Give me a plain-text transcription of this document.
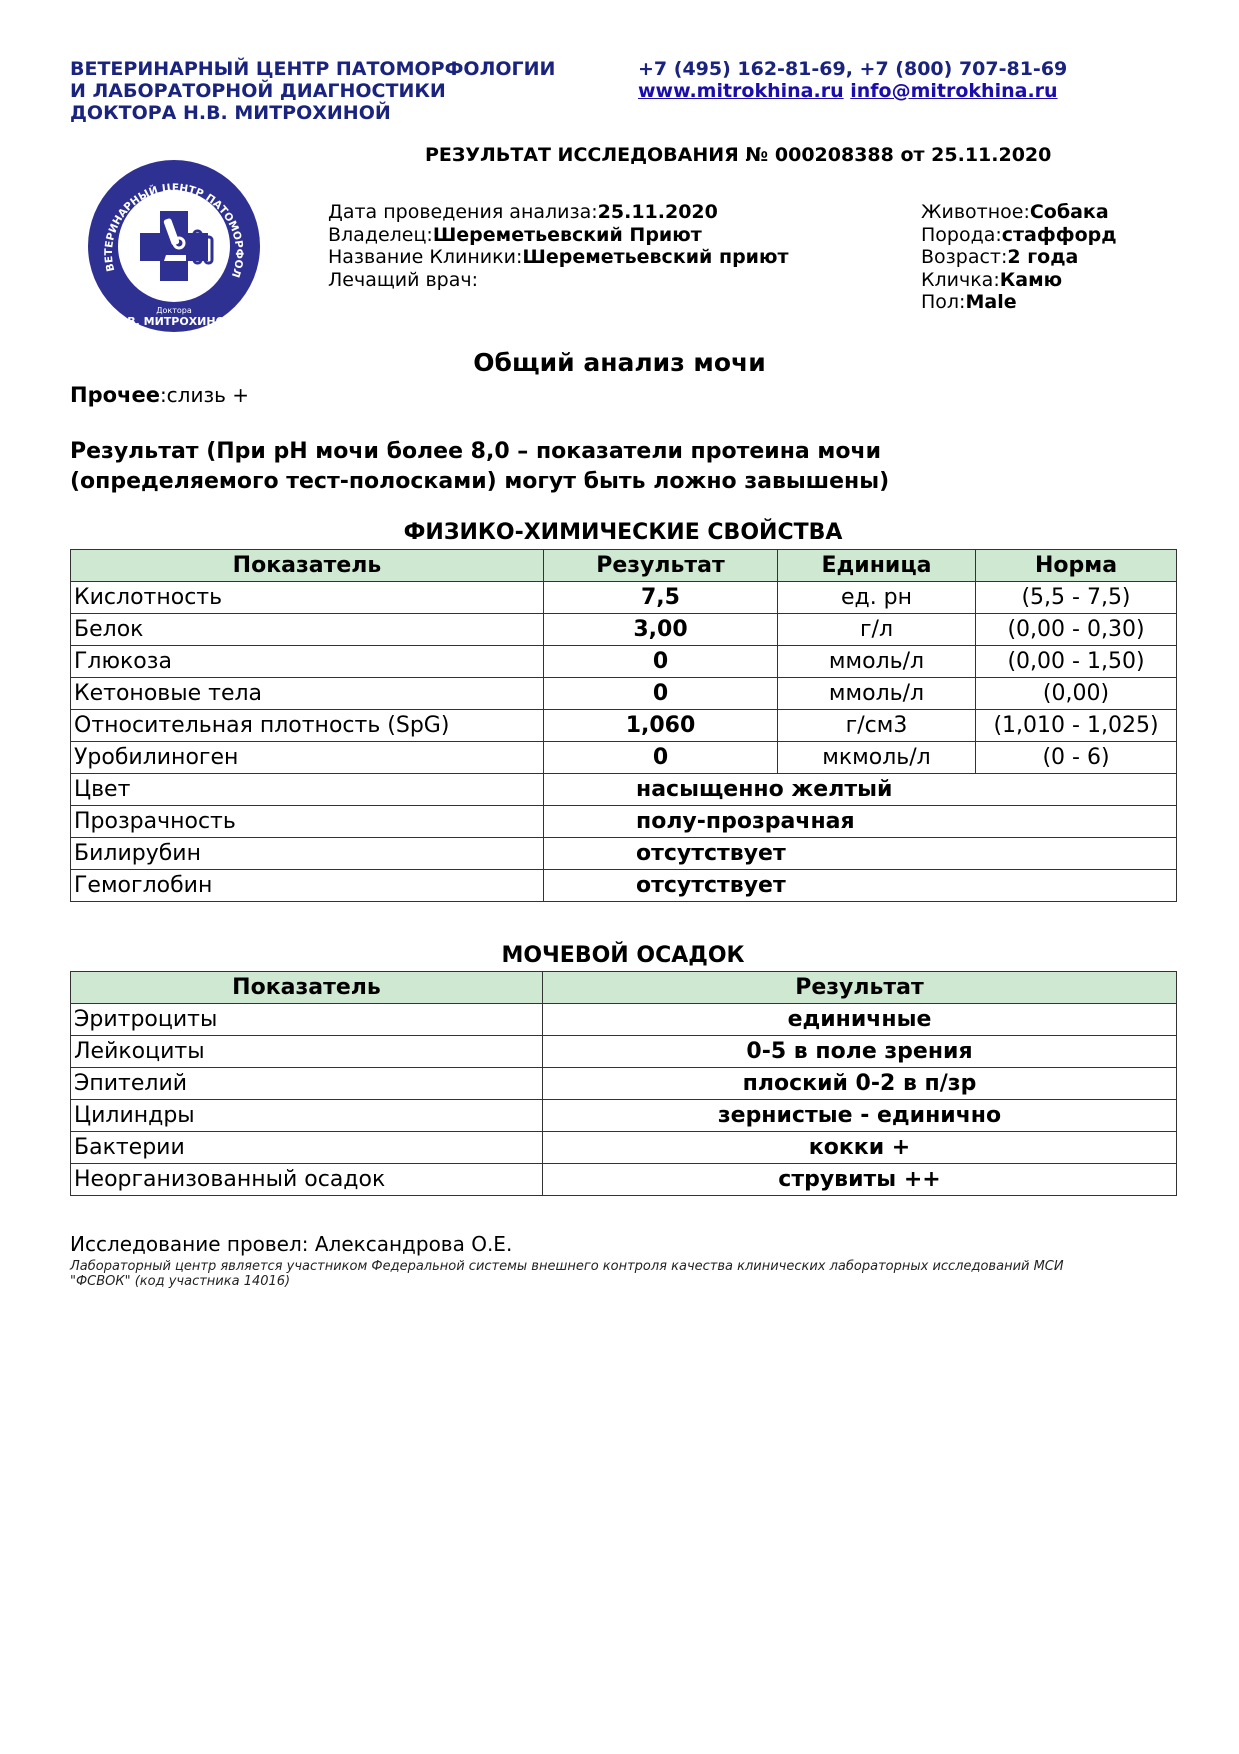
ВЕТЕРИНАРНЫЙ ЦЕНТР ПАТОМОРФОЛОГИИ
И ЛАБОРАТОРНОЙ ДИАГНОСТИКИ
ДОКТОРА Н.В. МИТРОХИНОЙ
+7 (495) 162-81-69, +7 (800) 707-81-69
www.mitrokhina.ru info@mitrokhina.ru
РЕЗУЛЬТАТ ИССЛЕДОВАНИЯ № 000208388 от 25.11.2020
ВЕТЕРИНАРНЫЙ ЦЕНТР ПАТОМОРФОЛ
Доктора
Н.В. МИТРОХИНОЙ
Дата проведения анализа:25.11.2020
Владелец:Шереметьевский Приют
Название Клиники:Шереметьевский приют
Лечащий врач:
Животное:Собака
Порода:стаффорд
Возраст:2 года
Кличка:Камю
Пол:Male
Общий анализ мочи
Прочее:слизь +
Результат (При pH мочи более 8,0 – показатели протеина мочи
(определяемого тест-полосками) могут быть ложно завышены)
ФИЗИКО-ХИМИЧЕСКИЕ СВОЙСТВА
Показатель	Результат	Единица	Норма
Кислотность	7,5	ед. рн	(5,5 - 7,5)
Белок	3,00	г/л	(0,00 - 0,30)
Глюкоза	0	ммоль/л	(0,00 - 1,50)
Кетоновые тела	0	ммоль/л	(0,00)
Относительная плотность (SpG)	1,060	г/см3	(1,010 - 1,025)
Уробилиноген	0	мкмоль/л	(0 - 6)
Цвет	насыщенно желтый		
Прозрачность	полу-прозрачная		
Билирубин	отсутствует		
Гемоглобин	отсутствует		
МОЧЕВОЙ ОСАДОК
Показатель	Результат
Эритроциты	единичные
Лейкоциты	0-5 в поле зрения
Эпителий	плоский 0-2 в п/зр
Цилиндры	зернистые - единично
Бактерии	кокки +
Неорганизованный осадок	струвиты ++
Исследование провел: Александрова О.Е.
Лабораторный центр является участником Федеральной системы внешнего контроля качества клинических лабораторных исследований МСИ
"ФСВОК" (код участника 14016)
